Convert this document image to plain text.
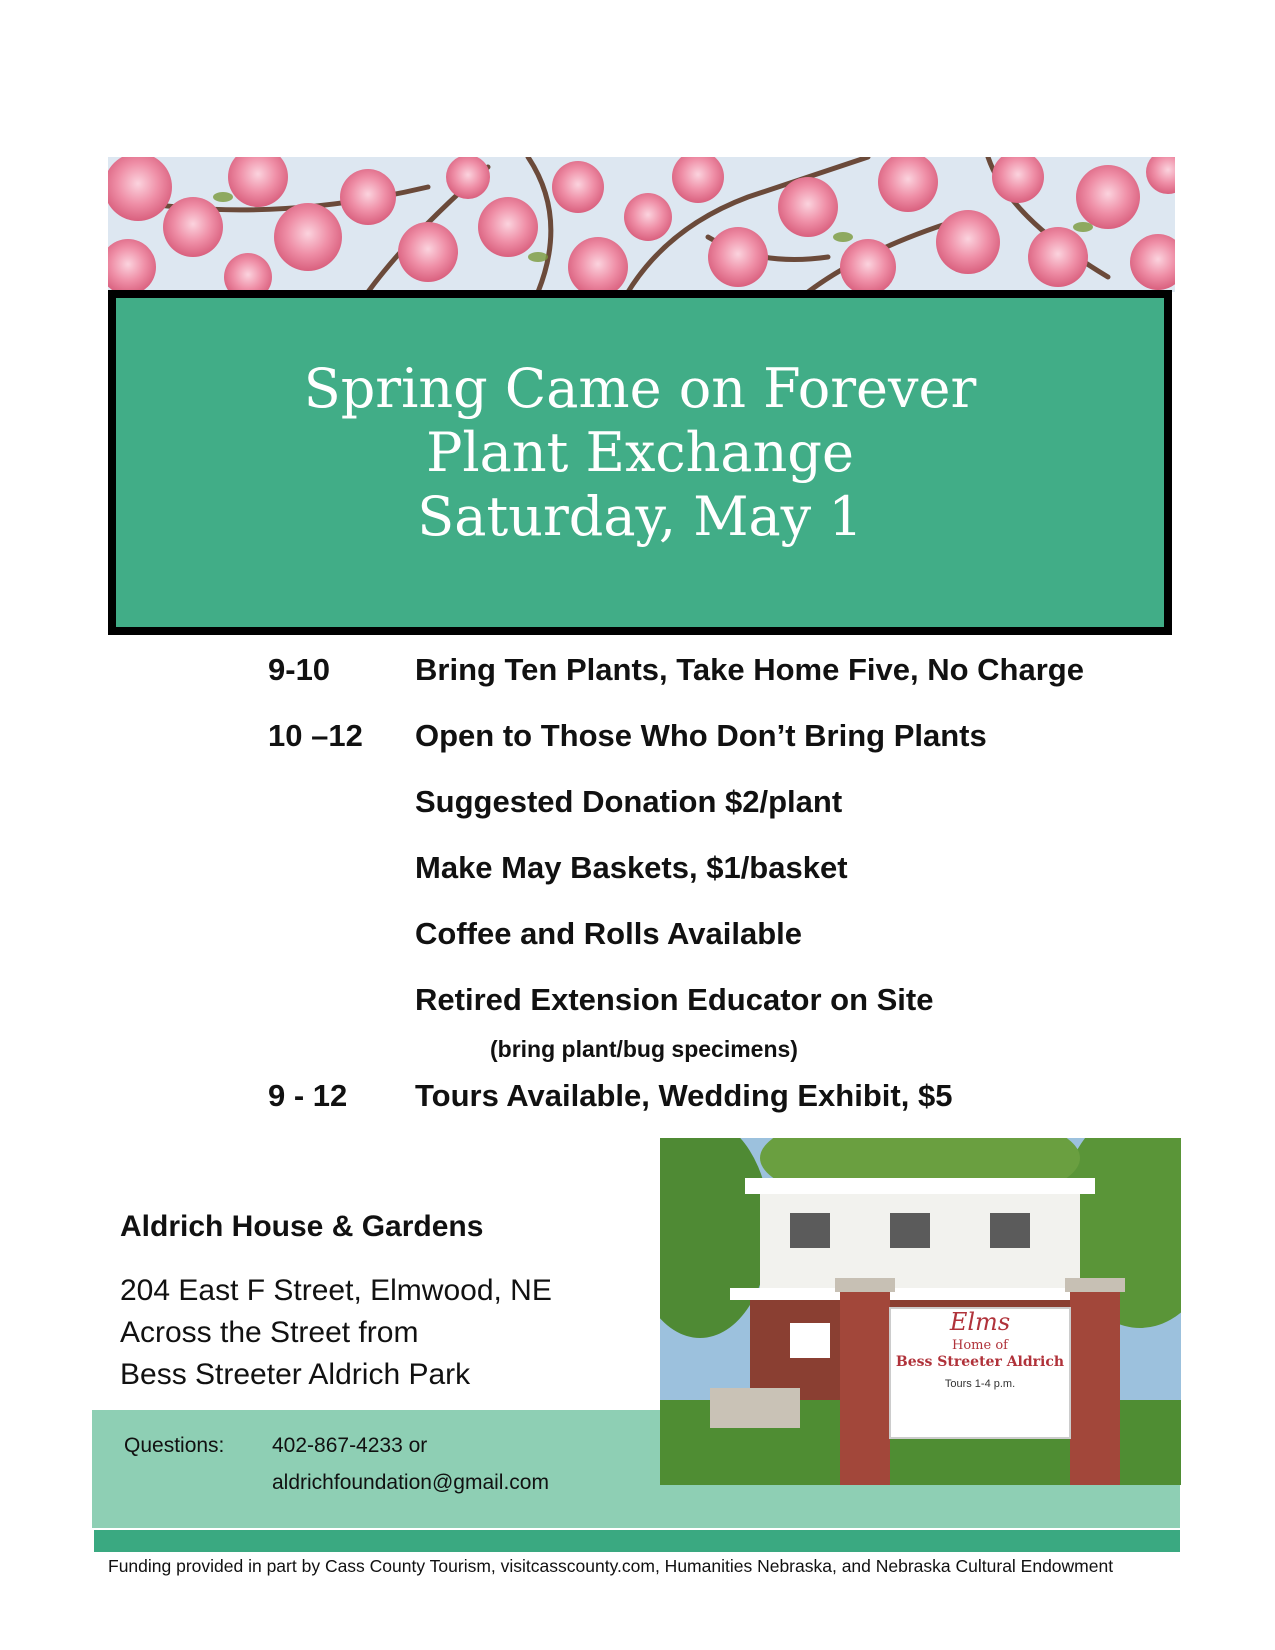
Spring Came on Forever
Plant Exchange
Saturday, May 1
9-10	Bring Ten Plants, Take Home Five, No Charge
10 –12 Open to Those Who Don’t Bring Plants
Suggested Donation $2/plant
Make May Baskets, $1/basket
Coffee and Rolls Available
Retired Extension Educator on Site
(bring plant/bug specimens)
9 - 12 Tours Available, Wedding Exhibit, $5
Aldrich House & Gardens
204 East F Street, Elmwood, NE
Across the Street from
Bess Streeter Aldrich Park
Questions: 402-867-4233 or
aldrichfoundation@gmail.com
Elms
Home of
Bess Streeter Aldrich
Tours 1-4 p.m.
Funding provided in part by Cass County Tourism, visitcasscounty.com, Humanities Nebraska, and Nebraska Cultural Endowment
